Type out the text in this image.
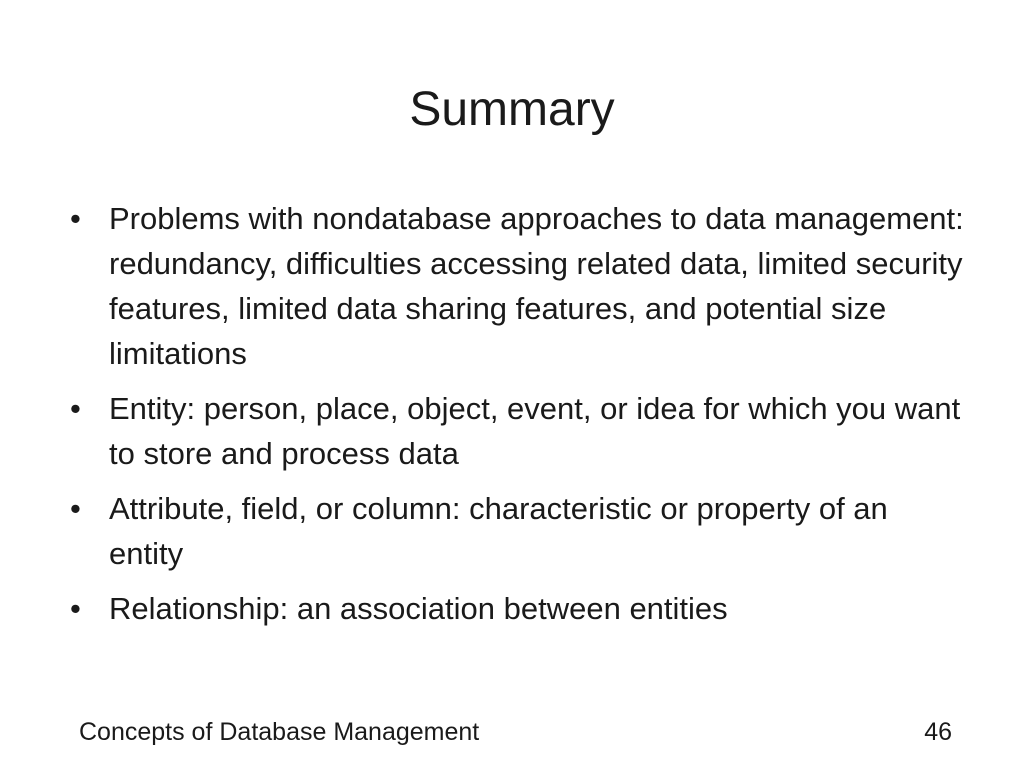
Summary
• Problems with nondatabase approaches to data management: redundancy, difficulties accessing related data, limited security features, limited data sharing features, and potential size limitations
• Entity: person, place, object, event, or idea for which you want to store and process data
• Attribute, field, or column: characteristic or property of an entity
• Relationship: an association between entities
Concepts of Database Management	46
